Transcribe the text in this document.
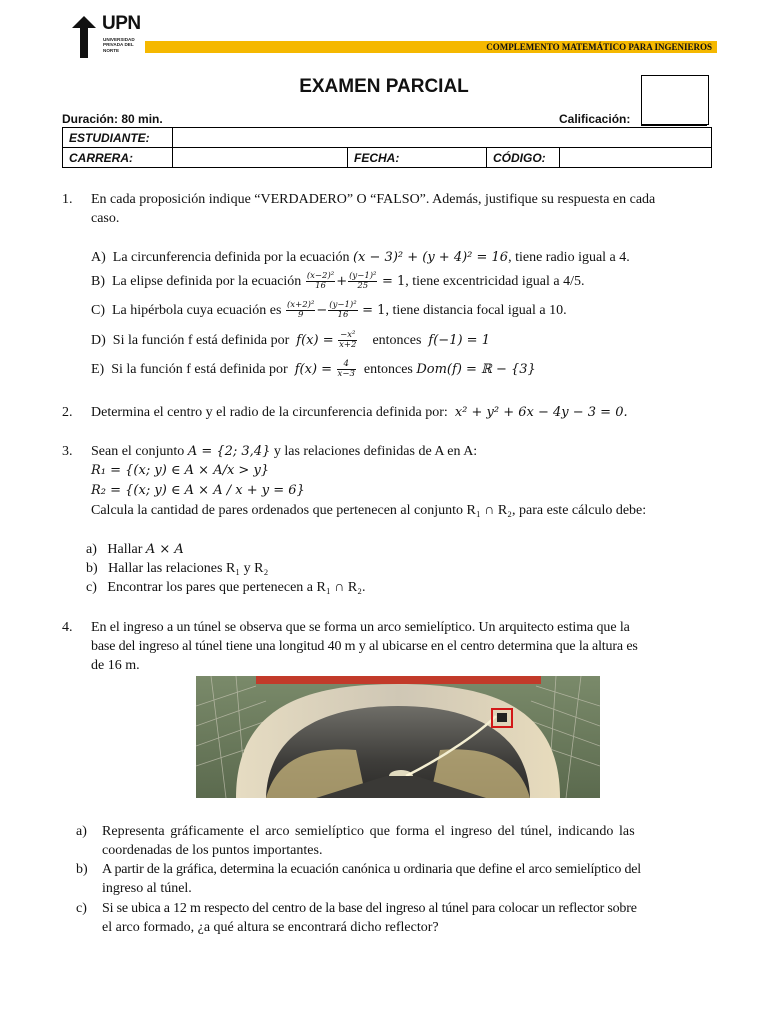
UPN
UNIVERSIDAD PRIVADA DEL NORTE	COMPLEMENTO MATEMÁTICO PARA INGENIEROS
EXAMEN PARCIAL
Duración: 80 min.	Calificación:
ESTUDIANTE:				
CARRERA:		FECHA:	CÓDIGO:	
1. En cada proposición indique “VERDADERO” O “FALSO”. Además, justifique su respuesta en cada
caso.
A) La circunferencia definida por la ecuación (x − 3)² + (y + 4)² = 16, tiene radio igual a 4.
B) La elipse definida por la ecuación $\frac{\text{(x−2)²}}{16} + \frac{\text{(y−1)²}}{25} = 1$, tiene excentricidad igual a 4/5.
C) La hipérbola cuya ecuación es $\frac{\text{(x+2)²}}{9} - \frac{\text{(y−1)²}}{16} = 1$, tiene distancia focal igual a 10.
D) Si la función f está definida por $f(x) = \frac{\text{−x²}}{x+2}$ entonces f(−1) = 1
E) Si la función f está definida por $f(x) = \frac{4}{x-3}$ entonces Dom(f) = ℝ − {3}
2. Determina el centro y el radio de la circunferencia definida por: x² + y² + 6x − 4y − 3 = 0.
3. Sean el conjunto A = {2; 3,4} y las relaciones definidas de A en A:
R₁ = {(x; y) ∈ A × A/x > y}
R₂ = {(x; y) ∈ A × A / x + y = 6}
Calcula la cantidad de pares ordenados que pertenecen al conjunto R₁ ∩ R₂, para este cálculo debe:
a) Hallar A × A
b) Hallar las relaciones R₁ y R₂
c) Encontrar los pares que pertenecen a R₁ ∩ R₂.
4. En el ingreso a un túnel se observa que se forma un arco semielíptico. Un arquitecto estima que la
base del ingreso al túnel tiene una longitud 40 m y al ubicarse en el centro determina que la altura es
de 16 m.
a) Representa gráficamente el arco semielíptico que forma el ingreso del túnel, indicando las
coordenadas de los puntos importantes.
b) A partir de la gráfica, determina la ecuación canónica u ordinaria que define el arco semielíptico del
ingreso al túnel.
c) Si se ubica a 12 m respecto del centro de la base del ingreso al túnel para colocar un reflector sobre
el arco formado, ¿a qué altura se encontrará dicho reflector?
